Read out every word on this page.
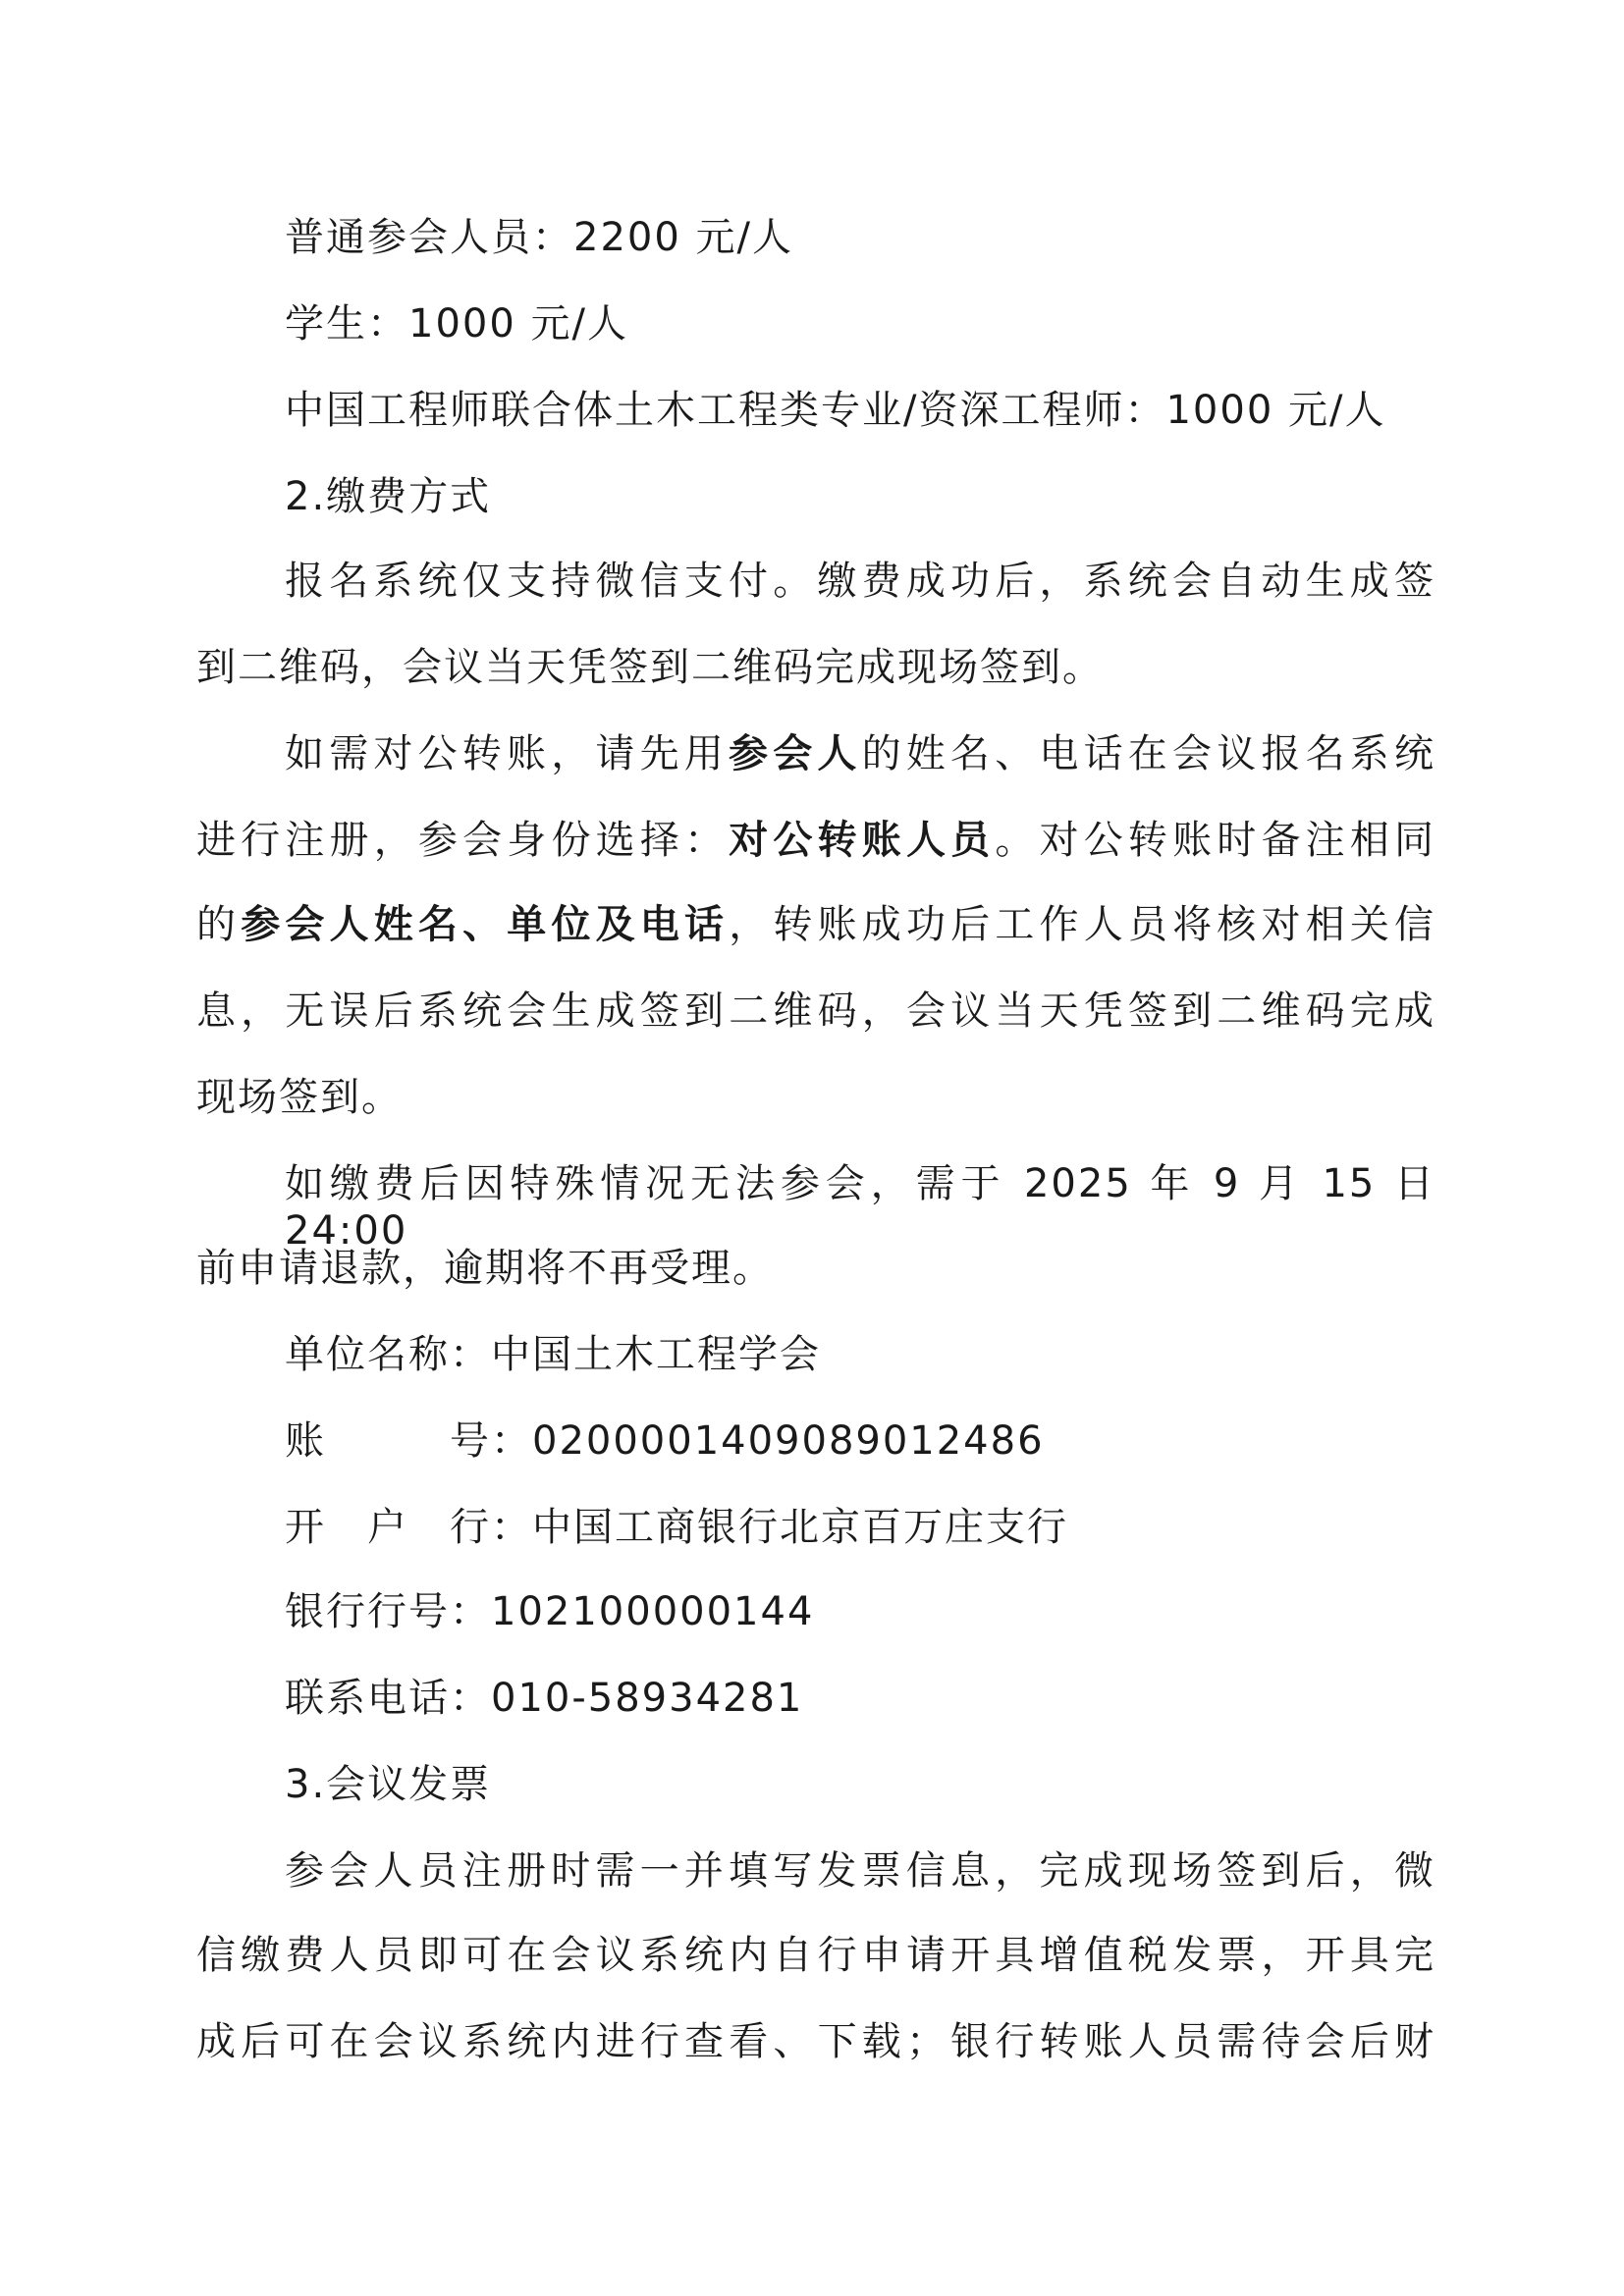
普通参会人员：2200 元/人
学生：1000 元/人
中国工程师联合体土木工程类专业/资深工程师：1000 元/人
2.缴费方式
报名系统仅支持微信支付。缴费成功后，系统会自动生成签
到二维码，会议当天凭签到二维码完成现场签到。
如需对公转账，请先用参会人的姓名、电话在会议报名系统
进行注册，参会身份选择：对公转账人员。对公转账时备注相同
的参会人姓名、单位及电话，转账成功后工作人员将核对相关信
息，无误后系统会生成签到二维码，会议当天凭签到二维码完成
现场签到。
如缴费后因特殊情况无法参会，需于 2025 年 9 月 15 日 24:00
前申请退款，逾期将不再受理。
单位名称：中国土木工程学会
账号：0200001409089012486
开户行：中国工商银行北京百万庄支行
银行行号：102100000144
联系电话：010-58934281
3.会议发票
参会人员注册时需一并填写发票信息，完成现场签到后，微
信缴费人员即可在会议系统内自行申请开具增值税发票，开具完
成后可在会议系统内进行查看、下载；银行转账人员需待会后财
